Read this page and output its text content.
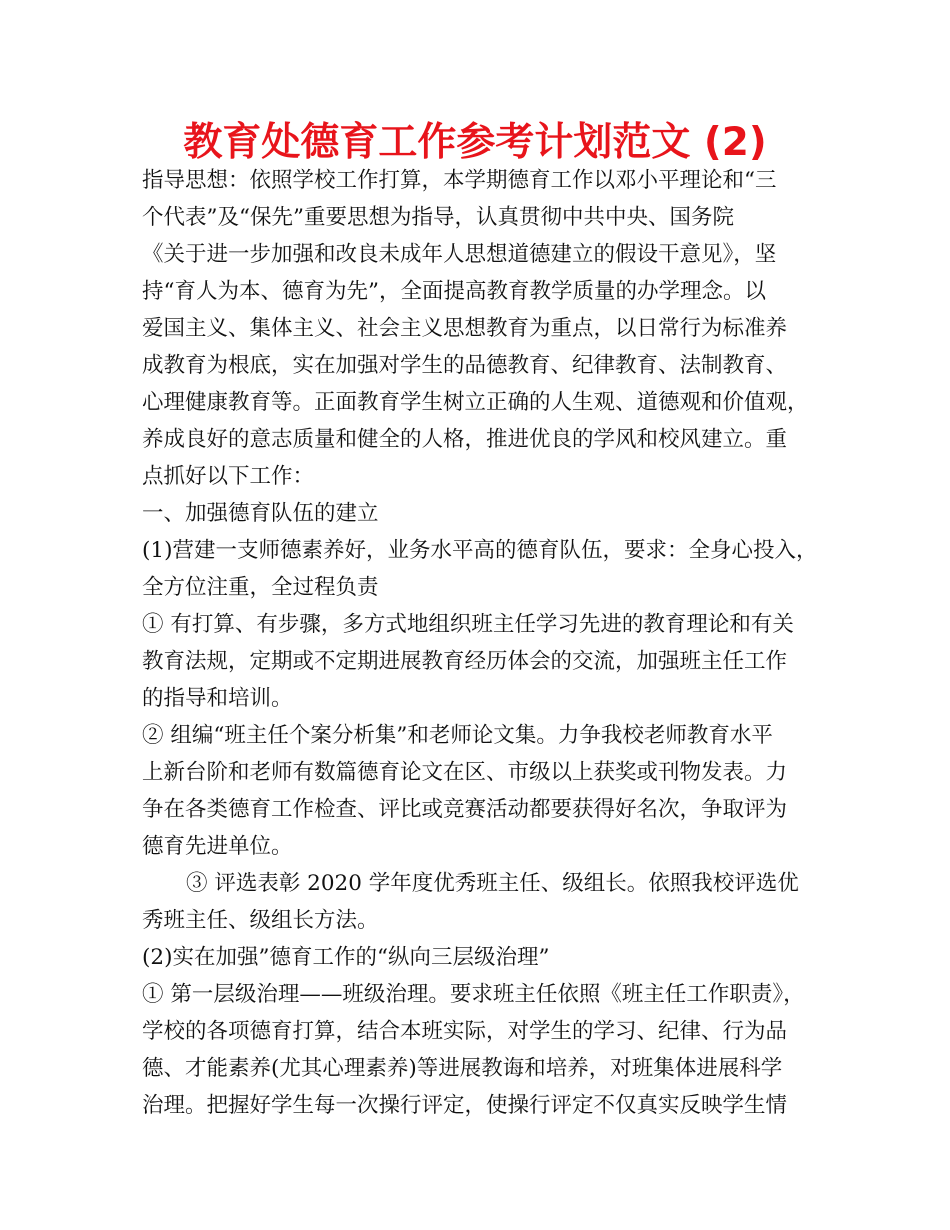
教育处德育工作参考计划范文 (2)

指导思想：依照学校工作打算，本学期德育工作以邓小平理论和“三

个代表”及“保先”重要思想为指导，认真贯彻中共中央、国务院

《关于进一步加强和改良未成年人思想道德建立的假设干意见》，坚

持“育人为本、德育为先”，全面提高教育教学质量的办学理念。以

爱国主义、集体主义、社会主义思想教育为重点，以日常行为标准养

成教育为根底，实在加强对学生的品德教育、纪律教育、法制教育、

心理健康教育等。正面教育学生树立正确的人生观、道德观和价值观，

养成良好的意志质量和健全的人格，推进优良的学风和校风建立。重

点抓好以下工作：

一、加强德育队伍的建立

(1)营建一支师德素养好，业务水平高的德育队伍，要求：全身心投入，

全方位注重，全过程负责

① 有打算、有步骤，多方式地组织班主任学习先进的教育理论和有关

教育法规，定期或不定期进展教育经历体会的交流，加强班主任工作

的指导和培训。

② 组编“班主任个案分析集”和老师论文集。力争我校老师教育水平

上新台阶和老师有数篇德育论文在区、市级以上获奖或刊物发表。力

争在各类德育工作检查、评比或竞赛活动都要获得好名次，争取评为

德育先进单位。

③ 评选表彰 2020 学年度优秀班主任、级组长。依照我校评选优

秀班主任、级组长方法。

(2)实在加强”德育工作的“纵向三层级治理”

① 第一层级治理——班级治理。要求班主任依照《班主任工作职责》，

学校的各项德育打算，结合本班实际，对学生的学习、纪律、行为品

德、才能素养(尤其心理素养)等进展教诲和培养，对班集体进展科学

治理。把握好学生每一次操行评定，使操行评定不仅真实反映学生情
